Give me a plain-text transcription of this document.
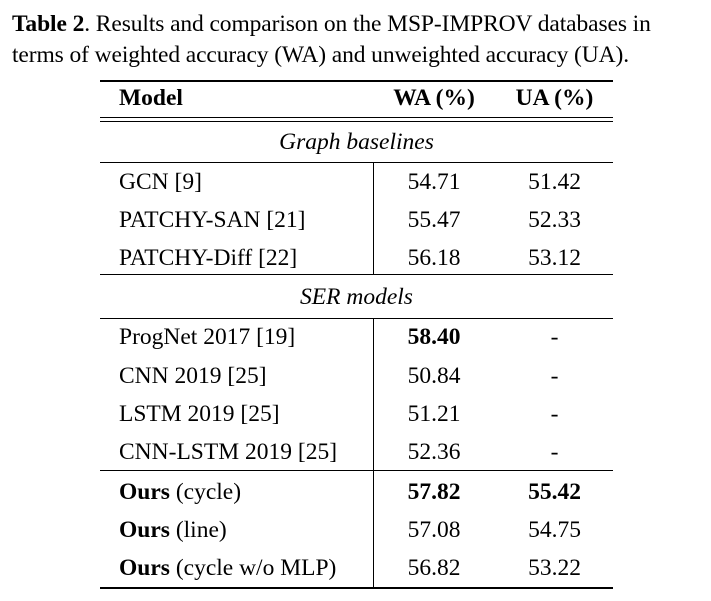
Table 2. Results and comparison on the MSP-IMPROV databases in terms of weighted accuracy (WA) and unweighted accuracy (UA).
Model	WA (%)	UA (%)
Graph baselines
GCN [9]	54.71	51.42
PATCHY-SAN [21]	55.47	52.33
PATCHY-Diff [22]	56.18	53.12
SER models
ProgNet 2017 [19]	58.40	-
CNN 2019 [25]	50.84	-
LSTM 2019 [25]	51.21	-
CNN-LSTM 2019 [25]	52.36	-
Ours (cycle)	57.82	55.42
Ours (line)	57.08	54.75
Ours (cycle w/o MLP)	56.82	53.22
